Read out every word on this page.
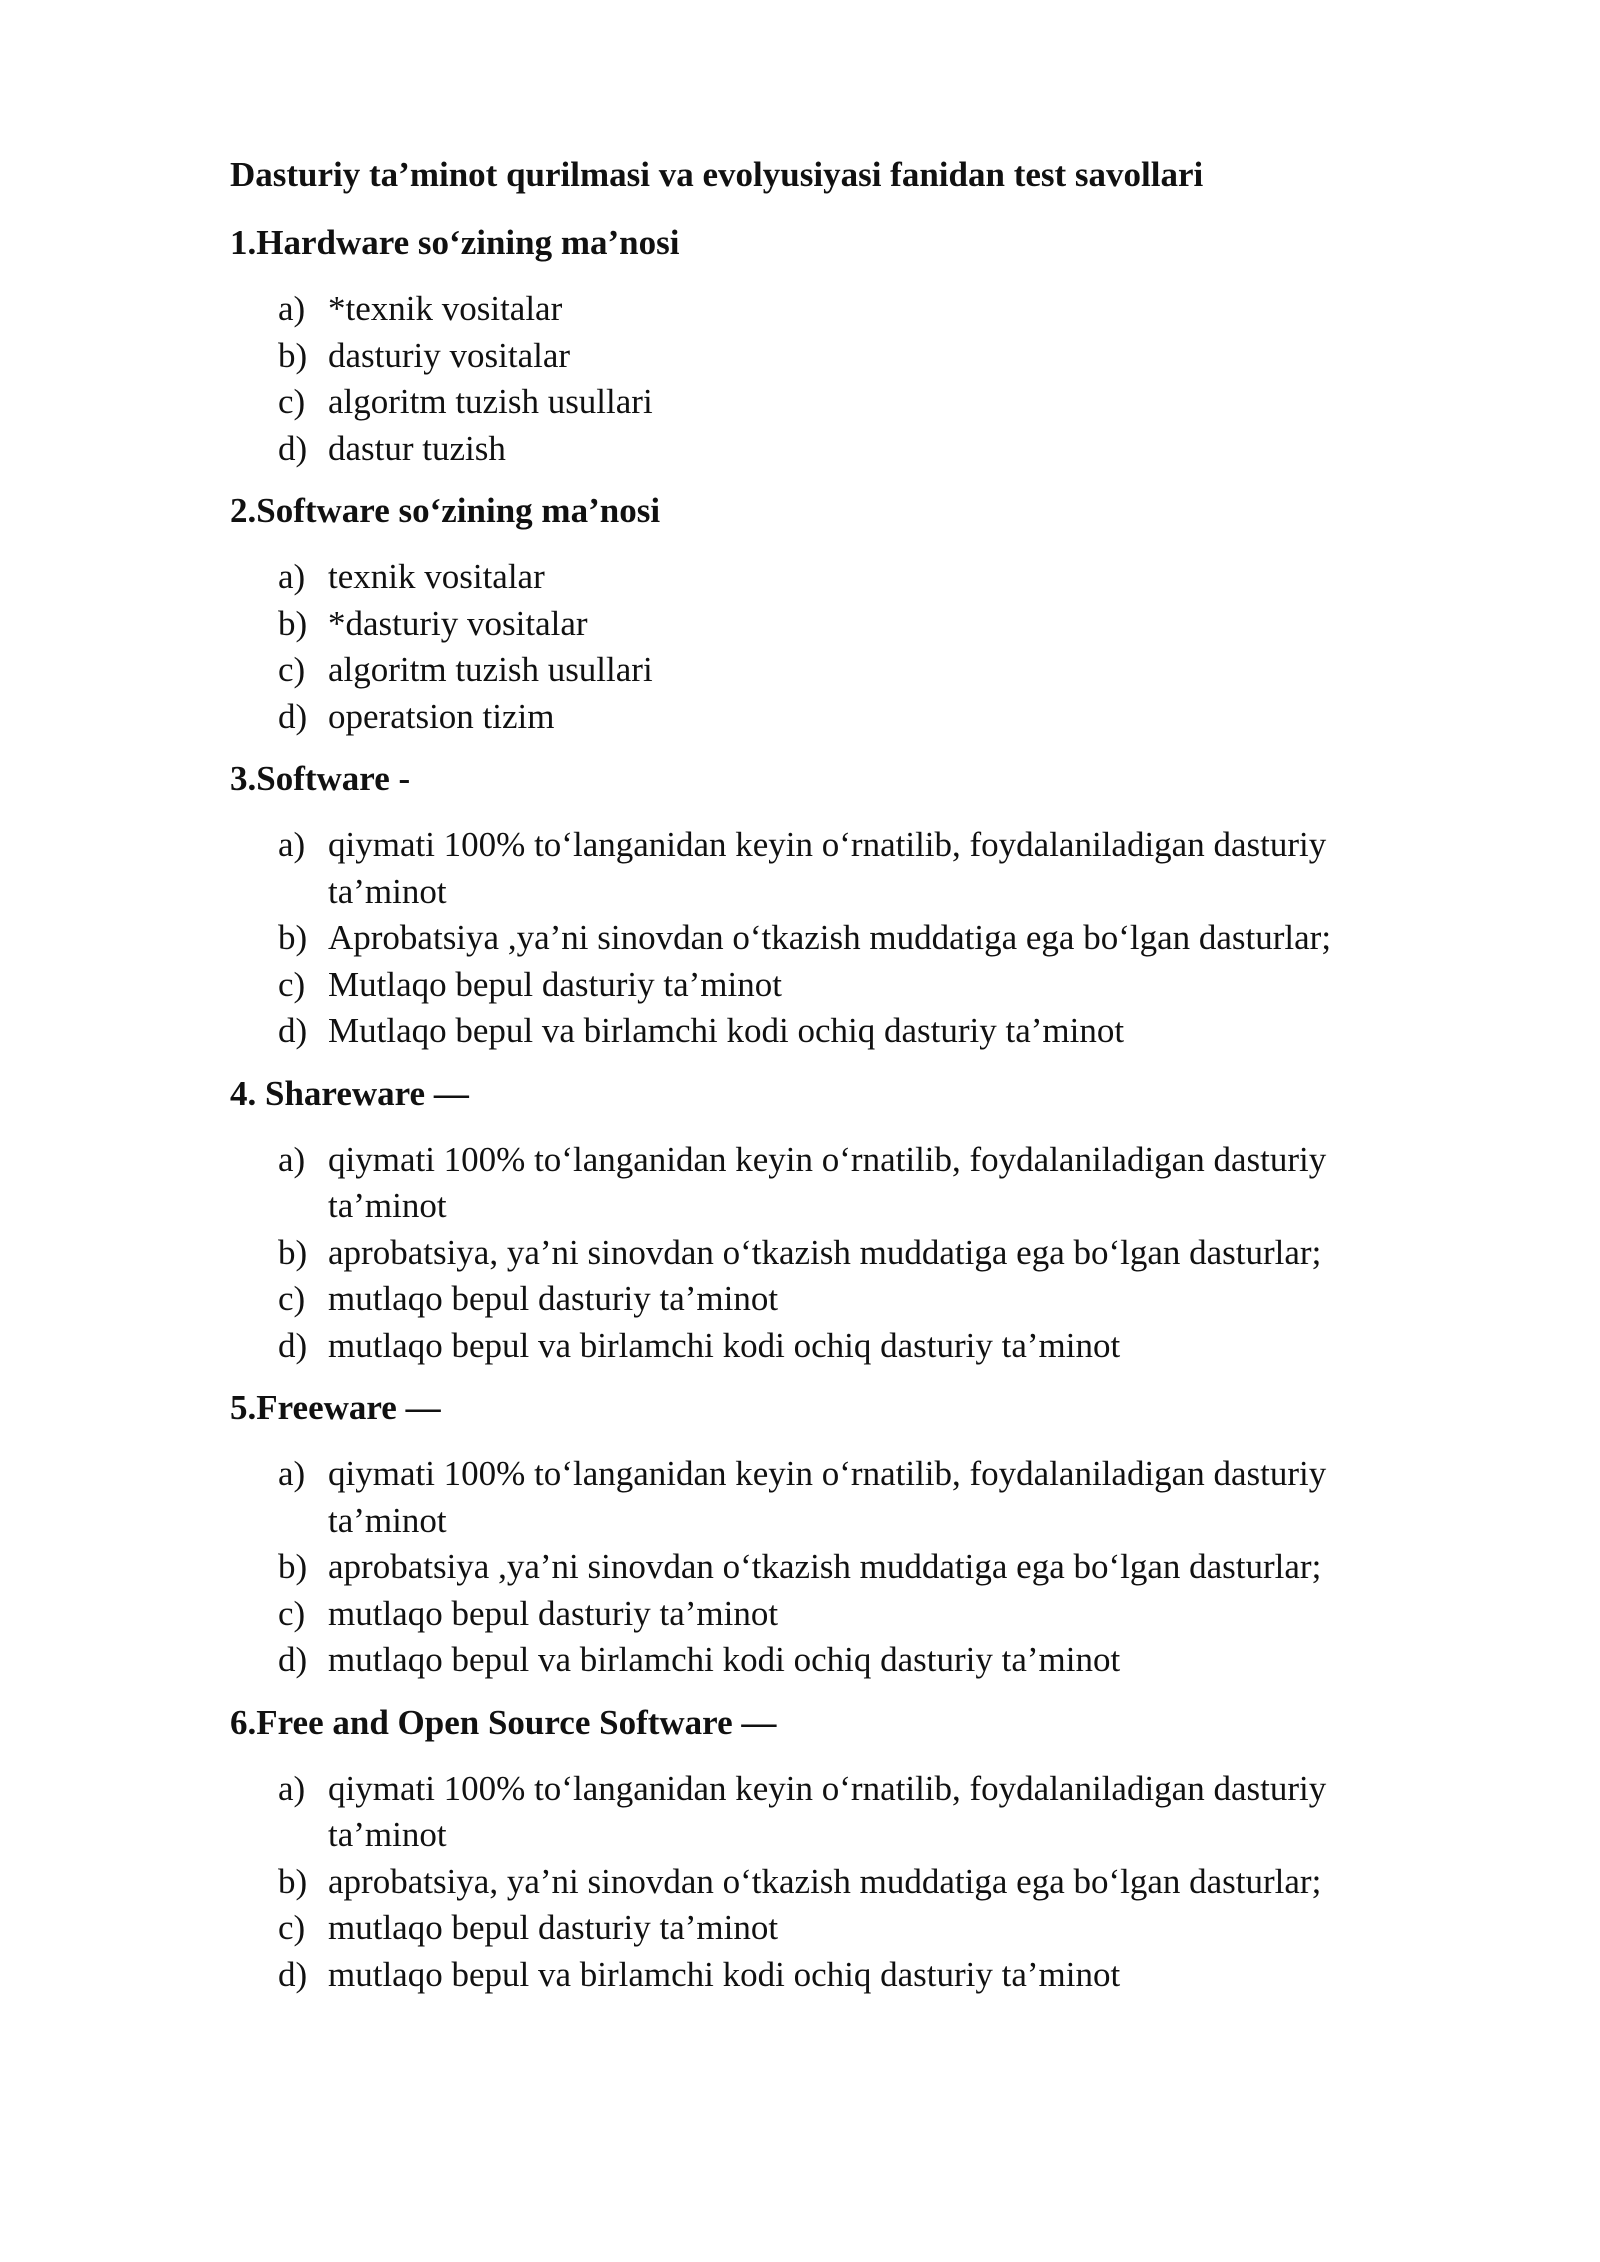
Dasturiy ta’minot qurilmasi va evolyusiyasi fanidan test savollari
1.Hardware so‘zining ma’nosi
a) *texnik vositalar
b) dasturiy vositalar
c) algoritm tuzish usullari
d) dastur tuzish
2.Software so‘zining ma’nosi
a) texnik vositalar
b) *dasturiy vositalar
c) algoritm tuzish usullari
d) operatsion tizim
3.Software -
a) qiymati 100% to‘langanidan keyin o‘rnatilib, foydalaniladigan dasturiy ta’minot
b) Aprobatsiya ,ya’ni sinovdan o‘tkazish muddatiga ega bo‘lgan dasturlar;
c) Mutlaqo bepul dasturiy ta’minot
d) Mutlaqo bepul va birlamchi kodi ochiq dasturiy ta’minot
4. Shareware —
a) qiymati 100% to‘langanidan keyin o‘rnatilib, foydalaniladigan dasturiy ta’minot
b) aprobatsiya, ya’ni sinovdan o‘tkazish muddatiga ega bo‘lgan dasturlar;
c) mutlaqo bepul dasturiy ta’minot
d) mutlaqo bepul va birlamchi kodi ochiq dasturiy ta’minot
5.Freeware —
a) qiymati 100% to‘langanidan keyin o‘rnatilib, foydalaniladigan dasturiy ta’minot
b) aprobatsiya ,ya’ni sinovdan o‘tkazish muddatiga ega bo‘lgan dasturlar;
c) mutlaqo bepul dasturiy ta’minot
d) mutlaqo bepul va birlamchi kodi ochiq dasturiy ta’minot
6.Free and Open Source Software —
a) qiymati 100% to‘langanidan keyin o‘rnatilib, foydalaniladigan dasturiy ta’minot
b) aprobatsiya, ya’ni sinovdan o‘tkazish muddatiga ega bo‘lgan dasturlar;
c) mutlaqo bepul dasturiy ta’minot
d) mutlaqo bepul va birlamchi kodi ochiq dasturiy ta’minot
